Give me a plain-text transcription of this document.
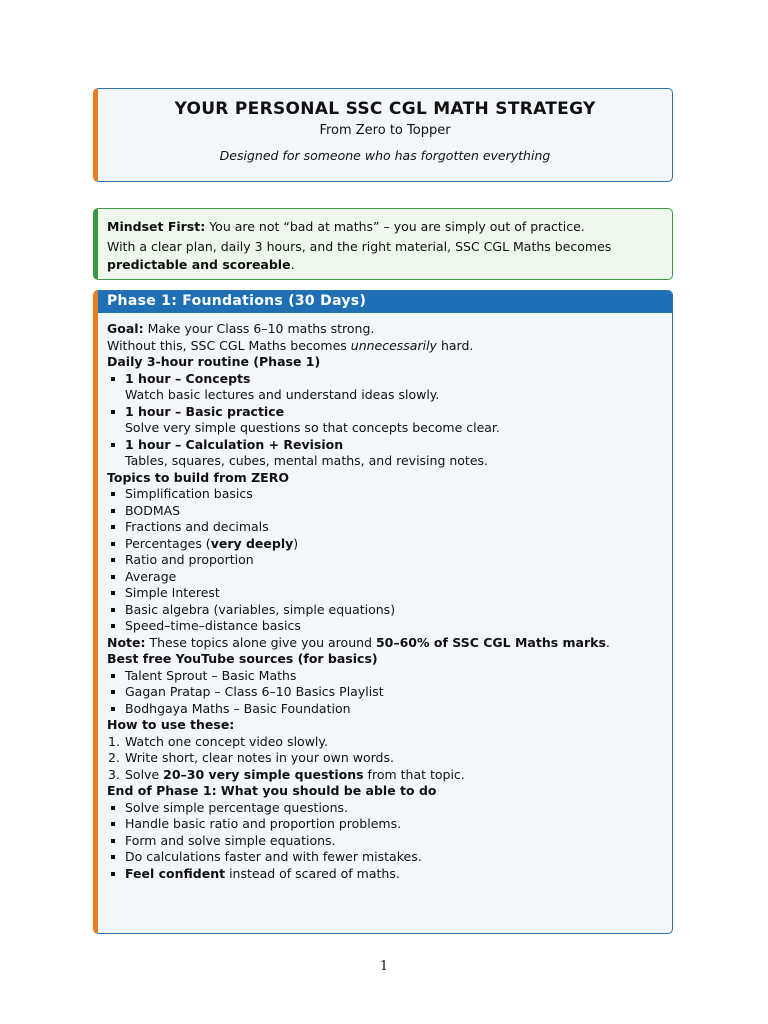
YOUR PERSONAL SSC CGL MATH STRATEGY
From Zero to Topper
Designed for someone who has forgotten everything

Mindset First: You are not “bad at maths” – you are simply out of practice.

With a clear plan, daily 3 hours, and the right material, SSC CGL Maths becomes predictable and scoreable.

Phase 1: Foundations (30 Days)

Goal: Make your Class 6–10 maths strong.

Without this, SSC CGL Maths becomes unnecessarily hard.

Daily 3-hour routine (Phase 1)

1 hour – Concepts
Watch basic lectures and understand ideas slowly.
1 hour – Basic practice
Solve very simple questions so that concepts become clear.
1 hour – Calculation + Revision
Tables, squares, cubes, mental maths, and revising notes.

Topics to build from ZERO

Simplification basics
BODMAS
Fractions and decimals
Percentages (very deeply)
Ratio and proportion
Average
Simple Interest
Basic algebra (variables, simple equations)
Speed–time–distance basics

Note: These topics alone give you around 50–60% of SSC CGL Maths marks.

Best free YouTube sources (for basics)

Talent Sprout – Basic Maths
Gagan Pratap – Class 6–10 Basics Playlist
Bodhgaya Maths – Basic Foundation

How to use these:

1. Watch one concept video slowly.
2. Write short, clear notes in your own words.
3. Solve 20–30 very simple questions from that topic.

End of Phase 1: What you should be able to do

Solve simple percentage questions.
Handle basic ratio and proportion problems.
Form and solve simple equations.
Do calculations faster and with fewer mistakes.
Feel confident instead of scared of maths.
1
